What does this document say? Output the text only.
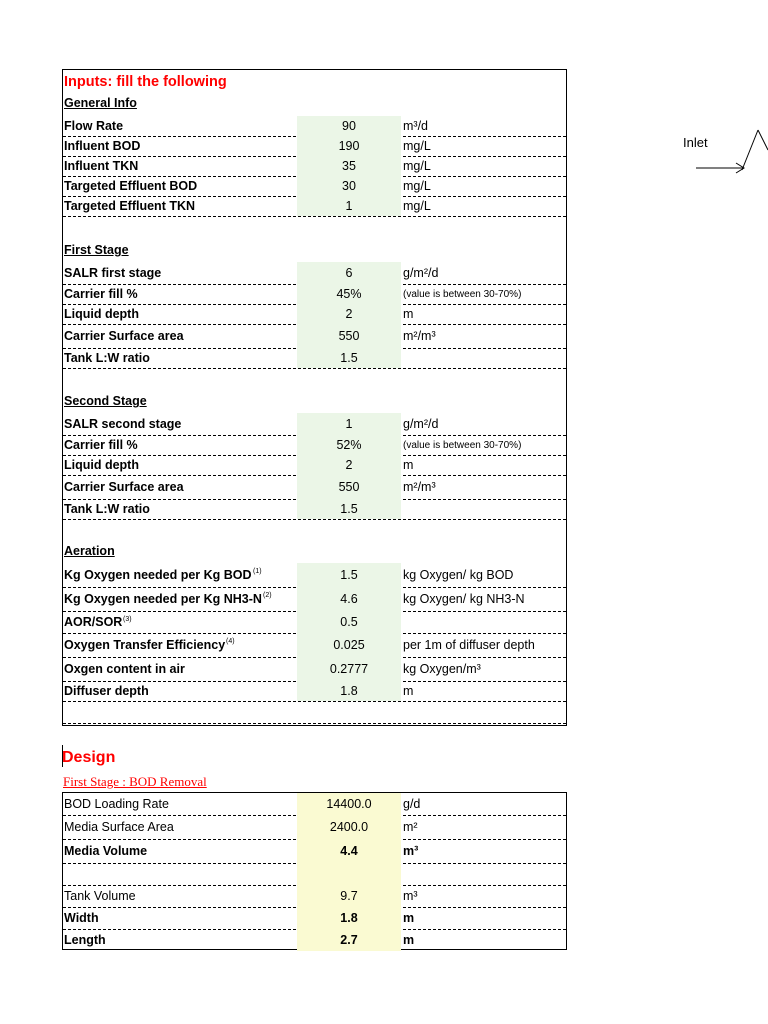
Inputs: fill the following
General Info
Flow Rate	90	m³/d
Influent BOD	190	mg/L
Influent TKN	35	mg/L
Targeted Effluent BOD	30	mg/L
Targeted Effluent TKN	1	mg/L
First Stage
SALR first stage	6	g/m²/d
Carrier fill %	45%	(value is between 30-70%)
Liquid depth	2	m
Carrier Surface area	550	m²/m³
Tank L:W ratio	1.5
Second Stage
SALR second stage	1	g/m²/d
Carrier fill %	52%	(value is between 30-70%)
Liquid depth	2	m
Carrier Surface area	550	m²/m³
Tank L:W ratio	1.5
Aeration
Kg Oxygen needed per Kg BOD (1)	1.5	kg Oxygen/ kg BOD
Kg Oxygen needed per Kg NH3-N (2)	4.6	kg Oxygen/ kg NH3-N
AOR/SOR (3)	0.5
Oxygen Transfer Efficiency (4)	0.025	per 1m of diffuser depth
Oxgen content in air	0.2777	kg Oxygen/m³
Diffuser depth	1.8	m
Design
First Stage : BOD Removal
BOD Loading Rate	14400.0	g/d
Media Surface Area	2400.0	m²
Media Volume	4.4	m³
Tank Volume	9.7	m³
Width	1.8	m
Length	2.7	m
Inlet
